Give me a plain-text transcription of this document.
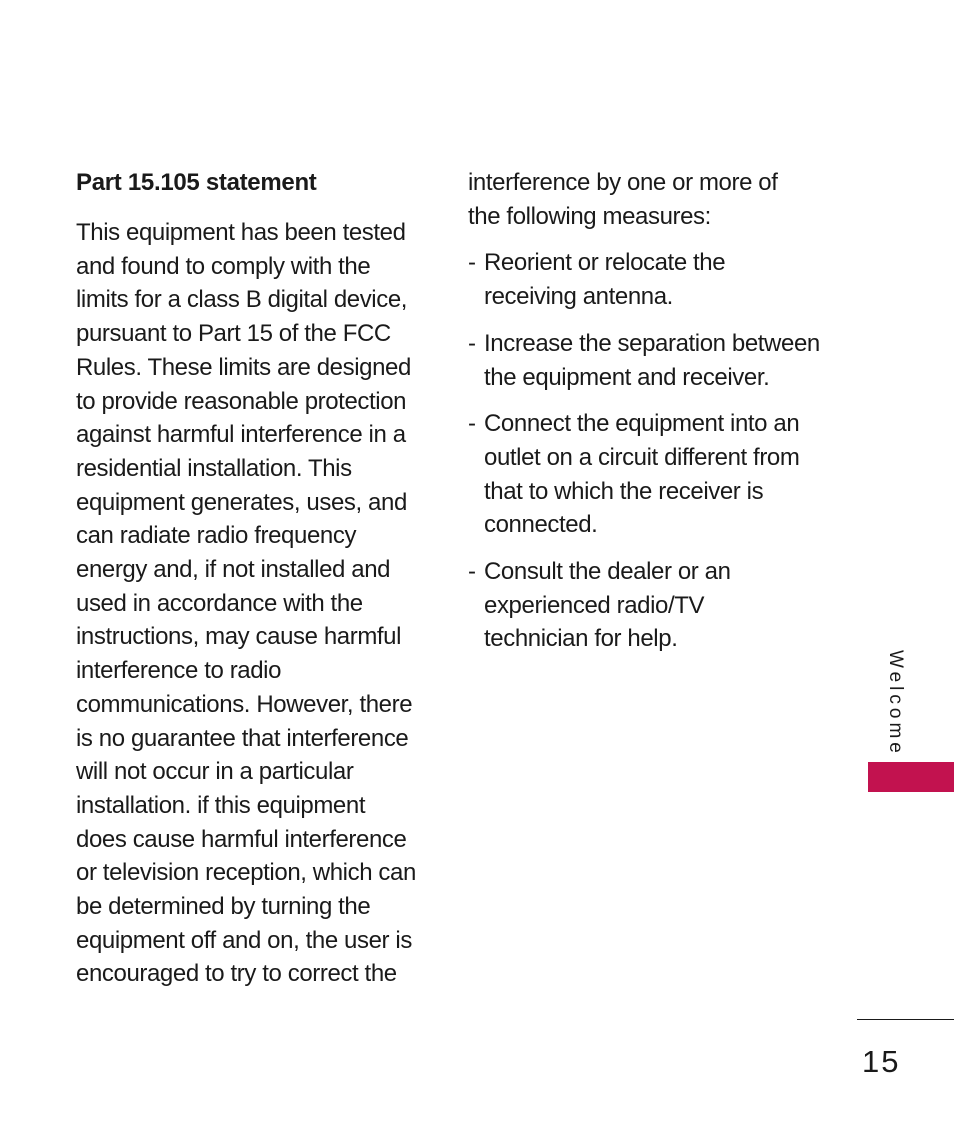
Part 15.105 statement

This equipment has been tested
and found to comply with the
limits for a class B digital device,
pursuant to Part 15 of the FCC
Rules. These limits are designed
to provide reasonable protection
against harmful interference in a
residential installation. This
equipment generates, uses, and
can radiate radio frequency
energy and, if not installed and
used in accordance with the
instructions, may cause harmful
interference to radio
communications. However, there
is no guarantee that interference
will not occur in a particular
installation. if this equipment
does cause harmful interference
or television reception, which can
be determined by turning the
equipment off and on, the user is
encouraged to try to correct the

interference by one or more of
the following measures:

- Reorient or relocate the
receiving antenna.
- Increase the separation between
the equipment and receiver.
- Connect the equipment into an
outlet on a circuit different from
that to which the receiver is
connected.
- Consult the dealer or an
experienced radio/TV
technician for help.
Welcome
15
